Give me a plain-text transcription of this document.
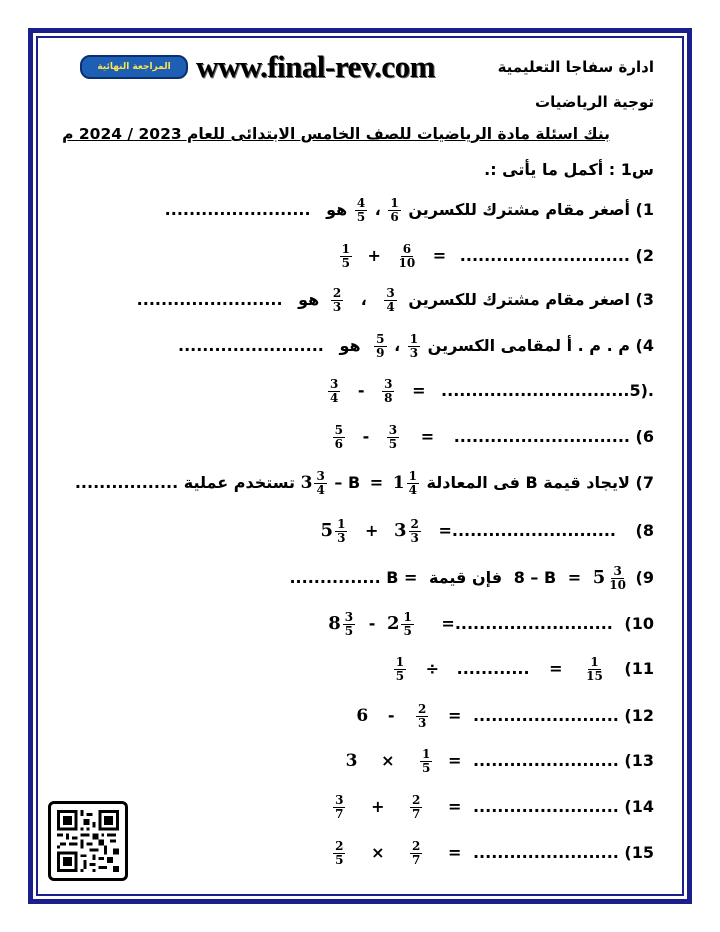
المراجعة النهائية www.final-rev.com	ادارة سفاجا التعليمية
توجية الرياضيات
بنك اسئلة مادة الرياضيات للصف الخامس الابتدائى للعام 2023 / 2024 م
س1 : أكمل ما يأتى :.
1) أصغر مقام مشترك للكسرين
$\frac{1}{6}$
،
$\frac{4}{5}$
هو ........................
$\frac{1}{5} + \frac{6}{10}$ = ............................ (2
3) اصغر مقام مشترك للكسرين
$\frac{3}{4}$
،
$\frac{2}{3}$
هو ........................
4) م . م . أ لمقامى الكسرين
$\frac{1}{3}$
،
$\frac{5}{9}$
هو ........................
$\frac{3}{4} - \frac{3}{8} = ...............................5$).
$\frac{5}{6} - \frac{3}{5}$ = ............................. (6
7) لايجاد قيمة B فى المعادلة $3 \frac{3}{4} - B = 1 \frac{1}{4}$
تستخدم عملية .................
$5 \frac{1}{3} + 3 \frac{2}{3}$ =........................... (8
$8 - B = 5 \frac{3}{10} (9$ فإن قيمة B = ...............
$8 \frac{3}{5} - 2 \frac{1}{5}$ =.......................... (10
$\frac{1}{5}$ ÷ ............ = $\frac{1}{15} (11$
$6 - \frac{2}{3}$ = ........................ (12
$3 \times \frac{1}{5}$ = ........................ (13
$\frac{3}{7} + \frac{2}{7}$ = ........................ (14
$\frac{2}{5} \times \frac{2}{7}$ = ........................ (15
